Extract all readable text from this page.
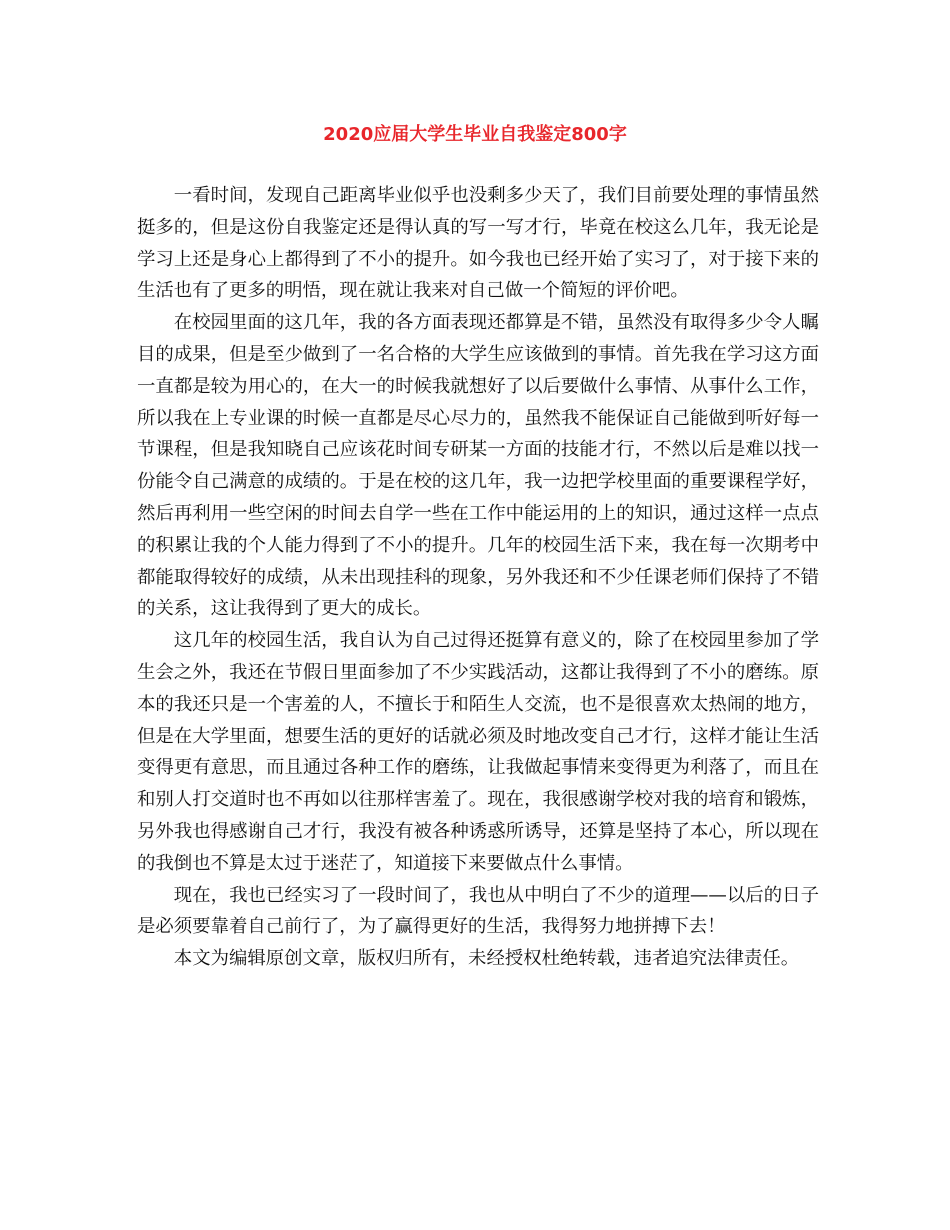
2020应届大学生毕业自我鉴定800字

一看时间，发现自己距离毕业似乎也没剩多少天了，我们目前要处理的事情虽然挺多的，但是这份自我鉴定还是得认真的写一写才行，毕竟在校这么几年，我无论是学习上还是身心上都得到了不小的提升。如今我也已经开始了实习了，对于接下来的生活也有了更多的明悟，现在就让我来对自己做一个简短的评价吧。

在校园里面的这几年，我的各方面表现还都算是不错，虽然没有取得多少令人瞩目的成果，但是至少做到了一名合格的大学生应该做到的事情。首先我在学习这方面一直都是较为用心的，在大一的时候我就想好了以后要做什么事情、从事什么工作，所以我在上专业课的时候一直都是尽心尽力的，虽然我不能保证自己能做到听好每一节课程，但是我知晓自己应该花时间专研某一方面的技能才行，不然以后是难以找一份能令自己满意的成绩的。于是在校的这几年，我一边把学校里面的重要课程学好，然后再利用一些空闲的时间去自学一些在工作中能运用的上的知识，通过这样一点点的积累让我的个人能力得到了不小的提升。几年的校园生活下来，我在每一次期考中都能取得较好的成绩，从未出现挂科的现象，另外我还和不少任课老师们保持了不错的关系，这让我得到了更大的成长。

这几年的校园生活，我自认为自己过得还挺算有意义的，除了在校园里参加了学生会之外，我还在节假日里面参加了不少实践活动，这都让我得到了不小的磨练。原本的我还只是一个害羞的人，不擅长于和陌生人交流，也不是很喜欢太热闹的地方，但是在大学里面，想要生活的更好的话就必须及时地改变自己才行，这样才能让生活变得更有意思，而且通过各种工作的磨练，让我做起事情来变得更为利落了，而且在和别人打交道时也不再如以往那样害羞了。现在，我很感谢学校对我的培育和锻炼，另外我也得感谢自己才行，我没有被各种诱惑所诱导，还算是坚持了本心，所以现在的我倒也不算是太过于迷茫了，知道接下来要做点什么事情。

现在，我也已经实习了一段时间了，我也从中明白了不少的道理——以后的日子是必须要靠着自己前行了，为了赢得更好的生活，我得努力地拼搏下去！

本文为编辑原创文章，版权归所有，未经授权杜绝转载，违者追究法律责任。
